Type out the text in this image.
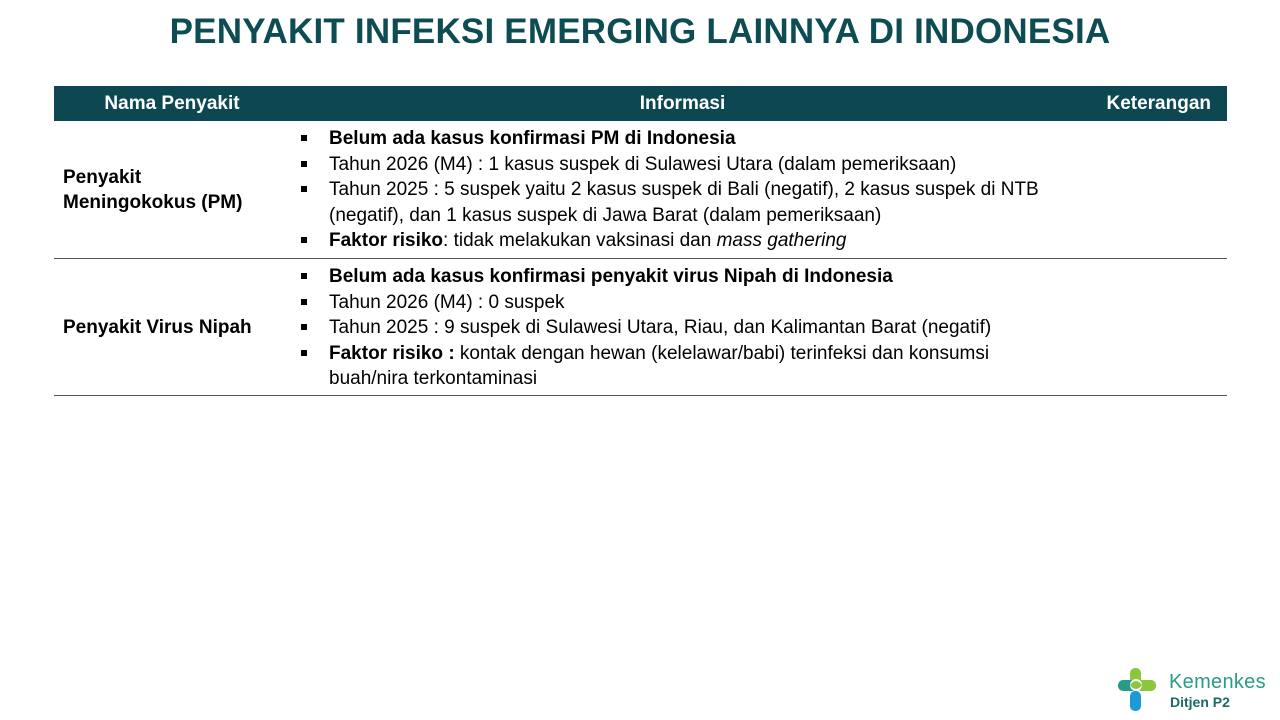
PENYAKIT INFEKSI EMERGING LAINNYA DI INDONESIA
Nama Penyakit	Informasi	Keterangan
Penyakit
Meningokokus (PM)
Belum ada kasus konfirmasi PM di Indonesia
Tahun 2026 (M4) : 1 kasus suspek di Sulawesi Utara (dalam pemeriksaan)
Tahun 2025 : 5 suspek yaitu 2 kasus suspek di Bali (negatif), 2 kasus suspek di NTB (negatif), dan 1 kasus suspek di Jawa Barat (dalam pemeriksaan)
Faktor risiko: tidak melakukan vaksinasi dan mass gathering
Penyakit Virus Nipah
Belum ada kasus konfirmasi penyakit virus Nipah di Indonesia
Tahun 2026 (M4) : 0 suspek
Tahun 2025 : 9 suspek di Sulawesi Utara, Riau, dan Kalimantan Barat (negatif)
Faktor risiko : kontak dengan hewan (kelelawar/babi) terinfeksi dan konsumsi buah/nira terkontaminasi
Kemenkes
Ditjen P2
